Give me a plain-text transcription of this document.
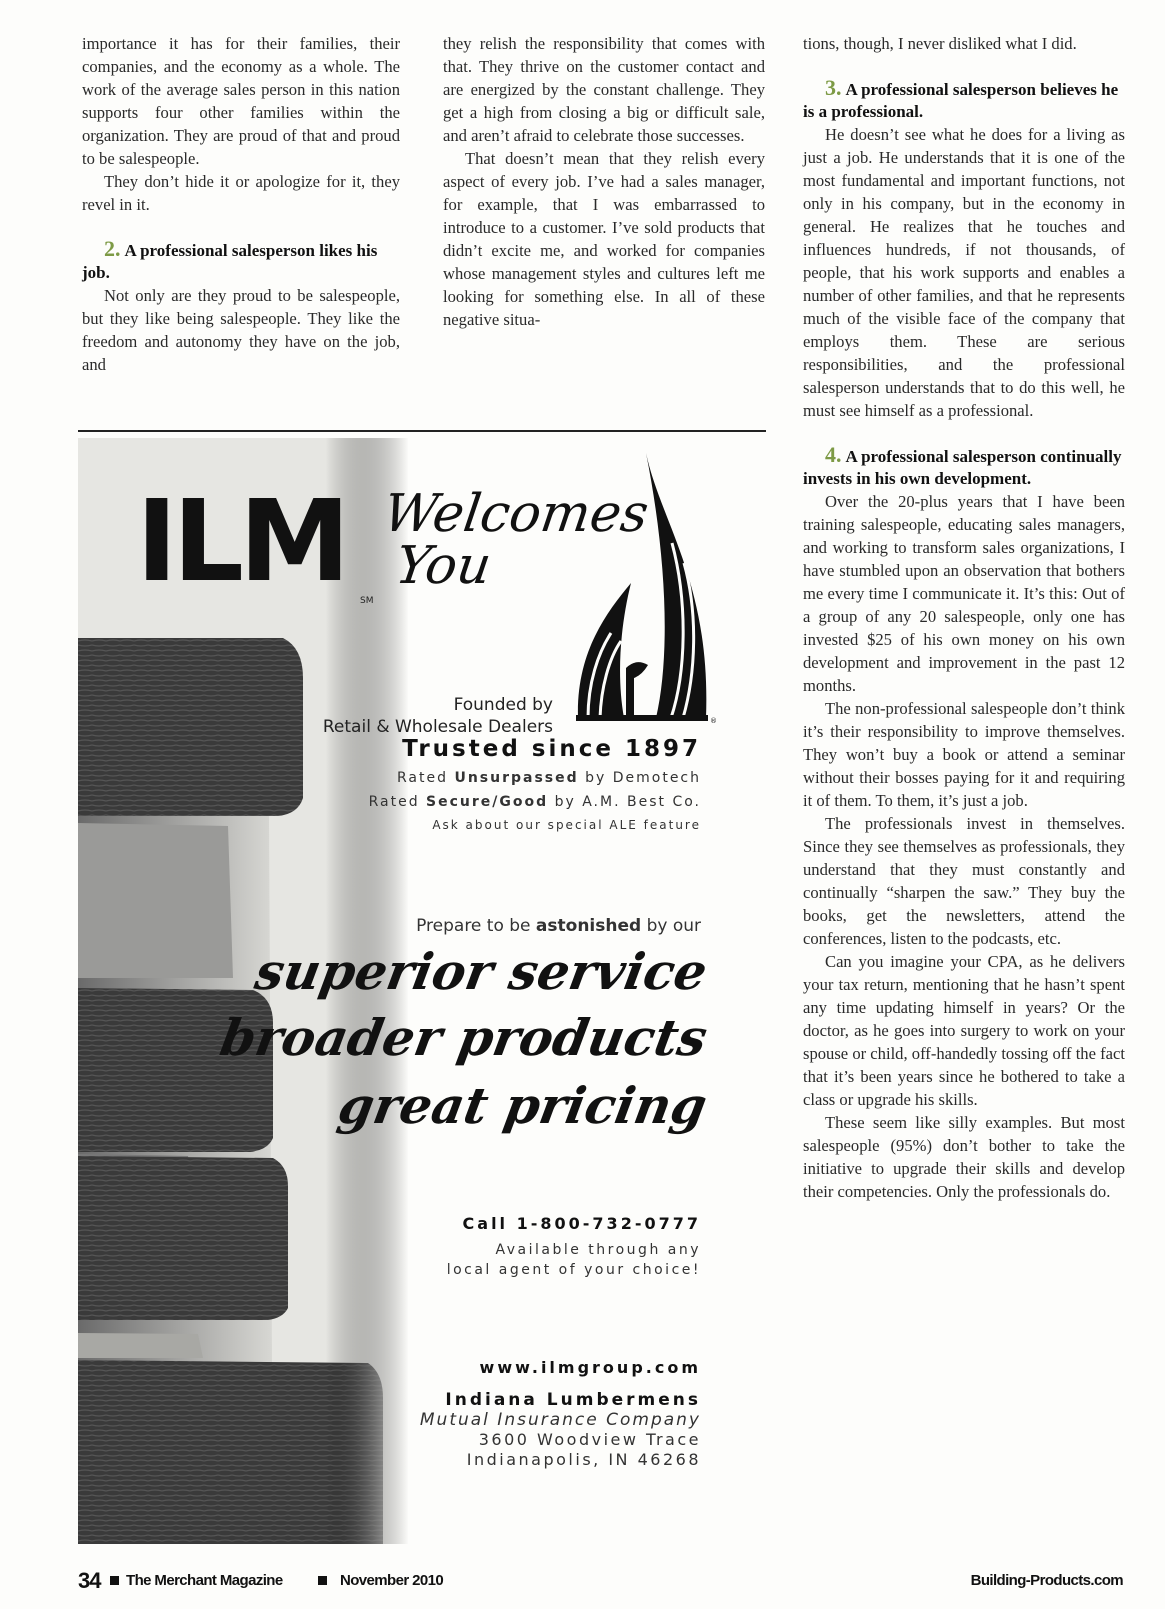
importance it has for their families, their companies, and the economy as a whole. The work of the average sales person in this nation supports four other families within the organization. They are proud of that and proud to be salespeople.

They don’t hide it or apologize for it, they revel in it.

2. A professional salesperson likes his job.

Not only are they proud to be salespeople, but they like being salespeople. They like the freedom and autonomy they have on the job, and

they relish the responsibility that comes with that. They thrive on the customer contact and are energized by the constant challenge. They get a high from closing a big or difficult sale, and aren’t afraid to celebrate those successes.

That doesn’t mean that they relish every aspect of every job. I’ve had a sales manager, for example, that I was embarrassed to introduce to a customer. I’ve sold products that didn’t excite me, and worked for companies whose management styles and cultures left me looking for something else. In all of these negative situa-

tions, though, I never disliked what I did.

3. A professional salesperson believes he is a professional.

He doesn’t see what he does for a living as just a job. He understands that it is one of the most fundamental and important functions, not only in his company, but in the economy in general. He realizes that he touches and influences hundreds, if not thousands, of people, that his work supports and enables a number of other families, and that he represents much of the visible face of the company that employs them. These are serious responsibilities, and the professional salesperson understands that to do this well, he must see himself as a professional.

4. A professional salesperson continually invests in his own development.

Over the 20-plus years that I have been training salespeople, educating sales managers, and working to transform sales organizations, I have stumbled upon an observation that bothers me every time I communicate it. It’s this: Out of a group of any 20 salespeople, only one has invested $25 of his own money on his own development and improvement in the past 12 months.

The non-professional salespeople don’t think it’s their responsibility to improve themselves. They won’t buy a book or attend a seminar without their bosses paying for it and requiring it of them. To them, it’s just a job.

The professionals invest in themselves. Since they see themselves as professionals, they understand that they must constantly and continually “sharpen the saw.” They buy the books, get the newsletters, attend the conferences, listen to the podcasts, etc.

Can you imagine your CPA, as he delivers your tax return, mentioning that he hasn’t spent any time updating himself in years? Or the doctor, as he goes into surgery to work on your spouse or child, off-handedly tossing off the fact that it’s been years since he bothered to take a class or upgrade his skills.

These seem like silly examples. But most salespeople (95%) don’t bother to take the initiative to upgrade their skills and develop their competencies. Only the professionals do.

ILM SM
Welcomes
You
®
Founded by
Retail & Wholesale Dealers
Trusted since 1897
Rated Unsurpassed by Demotech
Rated Secure/Good by A.M. Best Co.
Ask about our special ALE feature
Prepare to be astonished by our
superior service
broader products
great pricing
Call 1-800-732-0777
Available through any
local agent of your choice!
www.ilmgroup.com
Indiana Lumbermens
Mutual Insurance Company
3600 Woodview Trace
Indianapolis, IN 46268
34 The Merchant Magazine	November 2010	Building-Products.com
